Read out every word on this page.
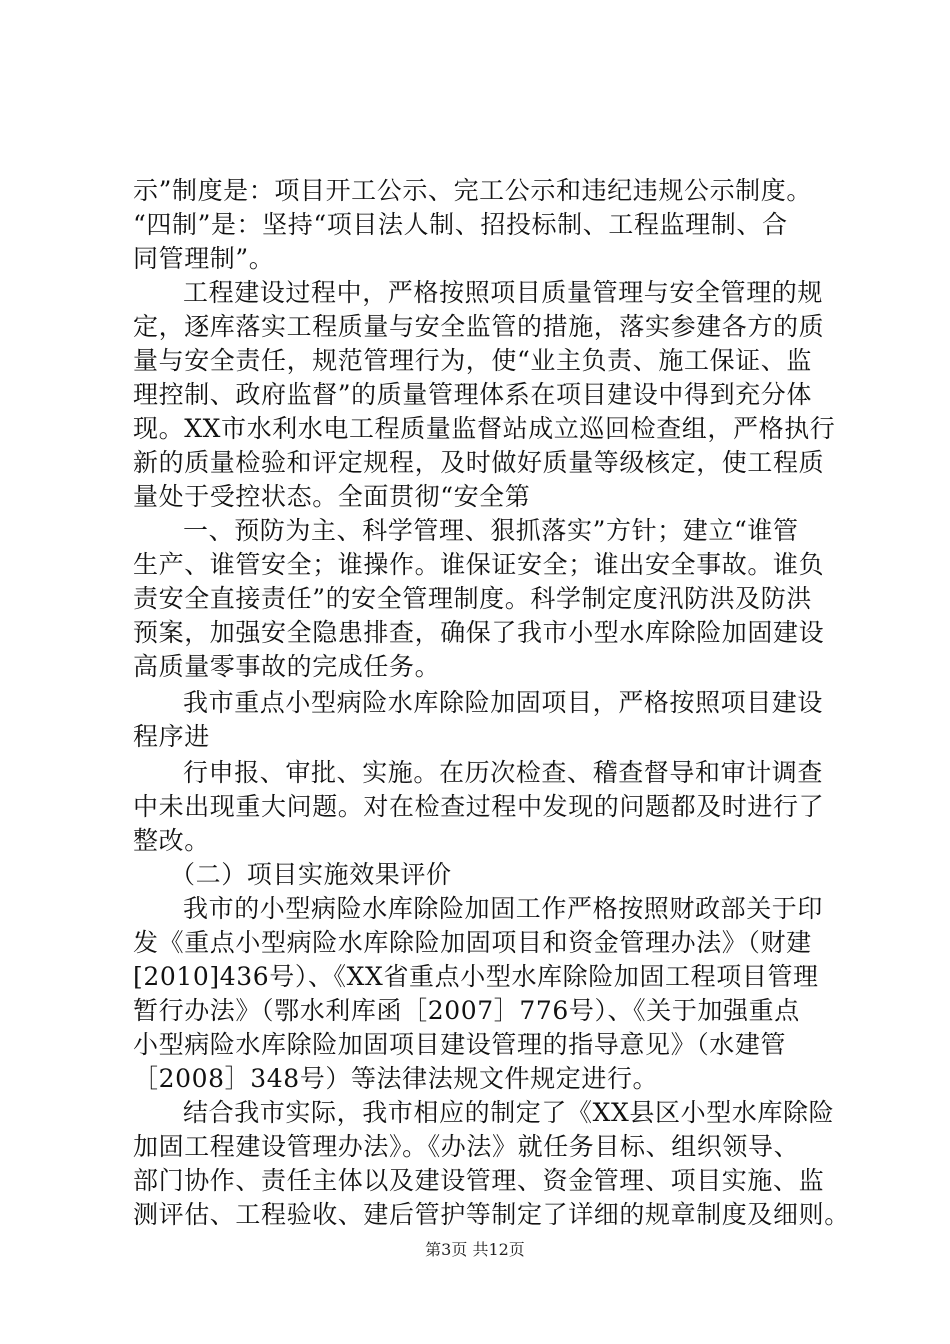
示”制度是：项目开工公示、完工公示和违纪违规公示制度。
“四制”是：坚持“项目法人制、招投标制、工程监理制、合
同管理制”。
工程建设过程中，严格按照项目质量管理与安全管理的规
定，逐库落实工程质量与安全监管的措施，落实参建各方的质
量与安全责任，规范管理行为，使“业主负责、施工保证、监
理控制、政府监督”的质量管理体系在项目建设中得到充分体
现。XX市水利水电工程质量监督站成立巡回检查组，严格执行
新的质量检验和评定规程，及时做好质量等级核定，使工程质
量处于受控状态。全面贯彻“安全第
一、预防为主、科学管理、狠抓落实”方针；建立“谁管
生产、谁管安全；谁操作。谁保证安全；谁出安全事故。谁负
责安全直接责任”的安全管理制度。科学制定度汛防洪及防洪
预案，加强安全隐患排查，确保了我市小型水库除险加固建设
高质量零事故的完成任务。
我市重点小型病险水库除险加固项目，严格按照项目建设
程序进
行申报、审批、实施。在历次检查、稽查督导和审计调查
中未出现重大问题。对在检查过程中发现的问题都及时进行了
整改。
（二）项目实施效果评价
我市的小型病险水库除险加固工作严格按照财政部关于印
发《重点小型病险水库除险加固项目和资金管理办法》（财建
[2010]436号）、《XX省重点小型水库除险加固工程项目管理
暂行办法》（鄂水利库函［2007］776号）、《关于加强重点
小型病险水库除险加固项目建设管理的指导意见》（水建管
［2008］348号）等法律法规文件规定进行。
结合我市实际，我市相应的制定了《XX县区小型水库除险
加固工程建设管理办法》。《办法》就任务目标、组织领导、
部门协作、责任主体以及建设管理、资金管理、项目实施、监
测评估、工程验收、建后管护等制定了详细的规章制度及细则。
第3页 共12页
